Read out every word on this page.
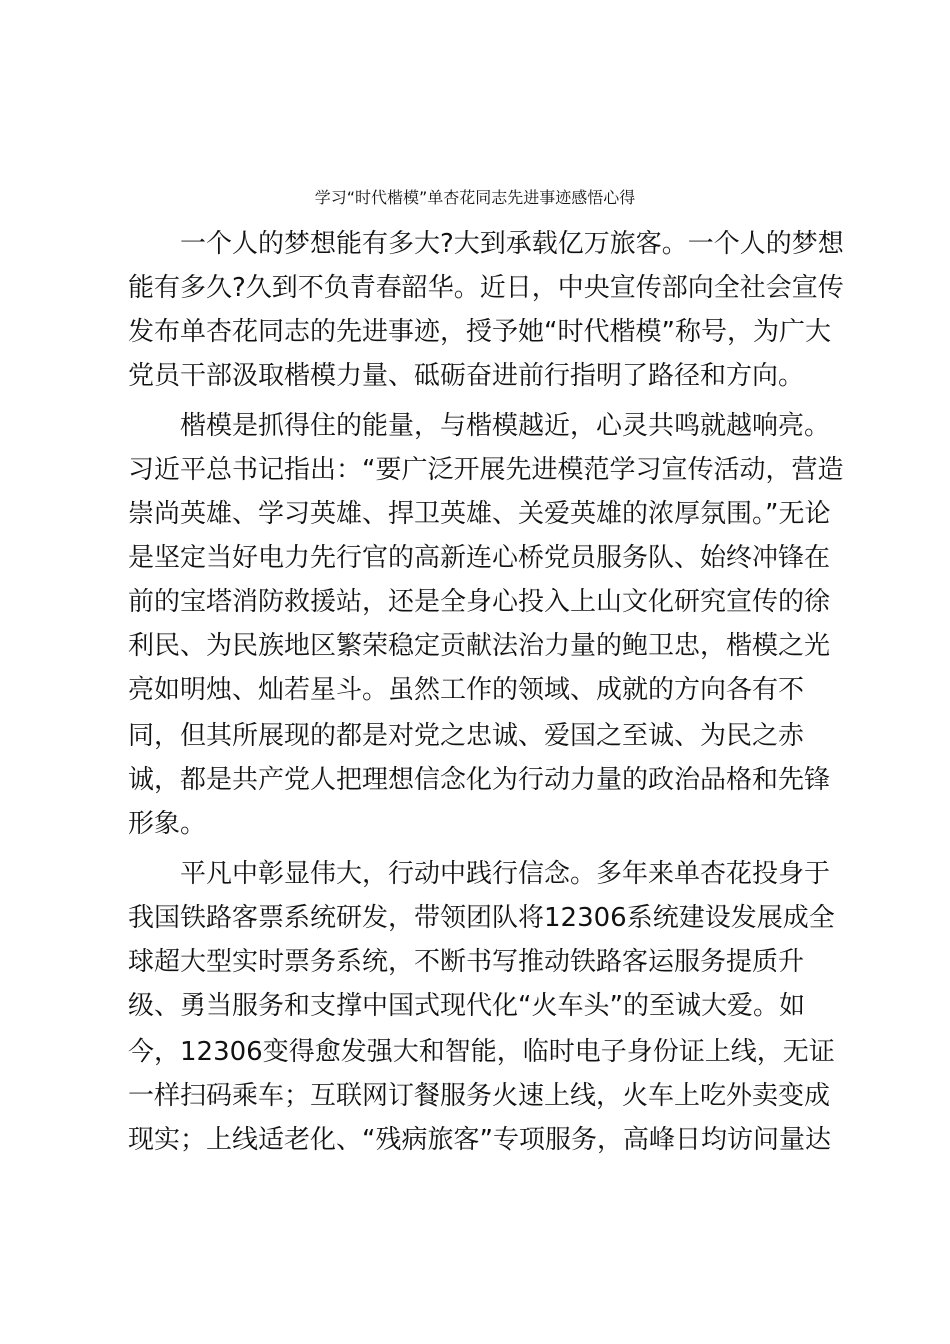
学习“时代楷模”单杏花同志先进事迹感悟心得

一个人的梦想能有多大?大到承载亿万旅客。一个人的梦想

能有多久?久到不负青春韶华。近日，中央宣传部向全社会宣传

发布单杏花同志的先进事迹，授予她“时代楷模”称号，为广大

党员干部汲取楷模力量、砥砺奋进前行指明了路径和方向。

楷模是抓得住的能量，与楷模越近，心灵共鸣就越响亮。

习近平总书记指出：“要广泛开展先进模范学习宣传活动，营造

崇尚英雄、学习英雄、捍卫英雄、关爱英雄的浓厚氛围。”无论

是坚定当好电力先行官的高新连心桥党员服务队、始终冲锋在

前的宝塔消防救援站，还是全身心投入上山文化研究宣传的徐

利民、为民族地区繁荣稳定贡献法治力量的鲍卫忠，楷模之光

亮如明烛、灿若星斗。虽然工作的领域、成就的方向各有不

同，但其所展现的都是对党之忠诚、爱国之至诚、为民之赤

诚，都是共产党人把理想信念化为行动力量的政治品格和先锋

形象。

平凡中彰显伟大，行动中践行信念。多年来单杏花投身于

我国铁路客票系统研发，带领团队将12306系统建设发展成全

球超大型实时票务系统，不断书写推动铁路客运服务提质升

级、勇当服务和支撑中国式现代化“火车头”的至诚大爱。如

今，12306变得愈发强大和智能，临时电子身份证上线，无证

一样扫码乘车；互联网订餐服务火速上线，火车上吃外卖变成

现实；上线适老化、“残病旅客”专项服务，高峰日均访问量达
